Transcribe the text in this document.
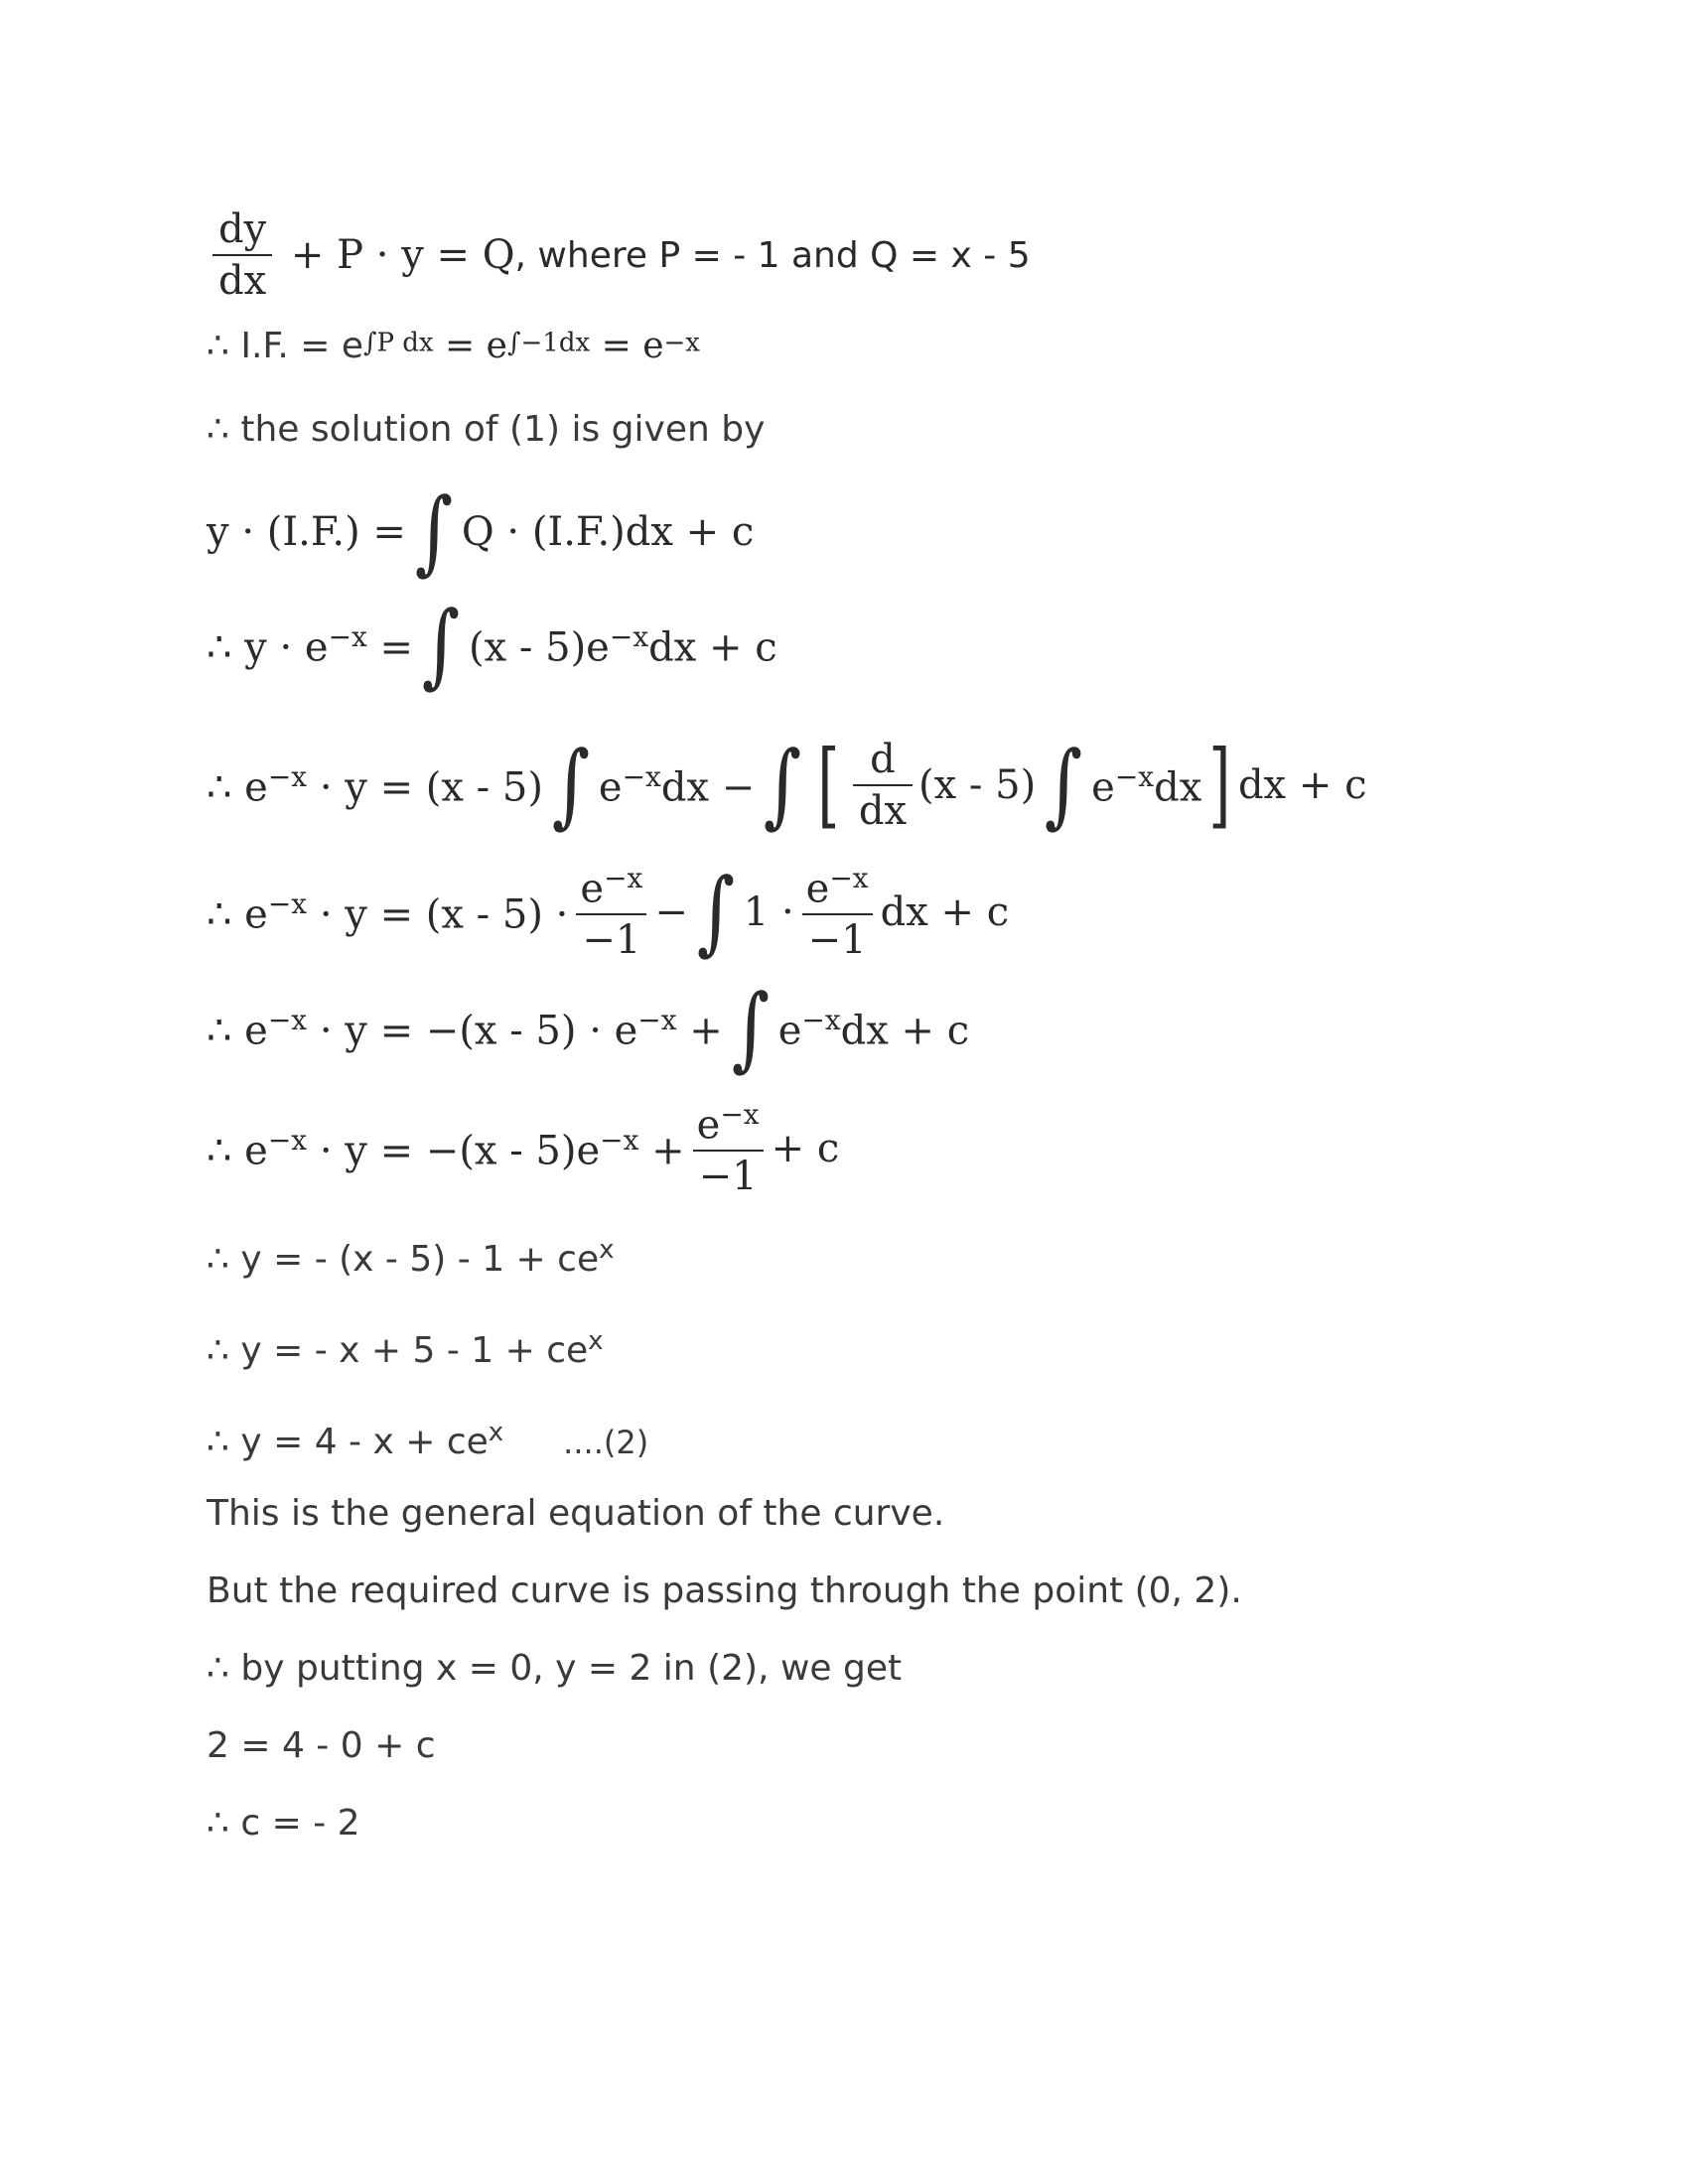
$\frac{dy}{dx} + P \cdot y = Q$, where P = - 1 and Q = x - 5
∴ I.F. = e∫P dx = e∫−1dx = e−x
∴ the solution of (1) is given by
y · (I.F.) =∫ Q · (I.F.)dx + c
∴ $y \cdot e^{-x}$ =∫ $(x - 5)e^{-x}dx + c$
∴ $e^{-x} \cdot y = (x - 5)\int$ $e^{-x}dx$ −∫ [ $\frac{d}{dx} (x - 5)\int$ $e^{-x}dx]dx + c$
∴ $e^{-x} \cdot y = (x - 5) \cdot \frac{e^{-x}}{-1}$ −∫ $1 \cdot \frac{e^{-x}}{-1}$ dx + c
∴ $e^{-x} \cdot y = -(x - 5) \cdot e^{-x}$ +∫ $e^{-x}dx + c$
∴ $e^{-x} \cdot y = -(x - 5)e^{-x} + \frac{e^{-x}}{-1} + c$
∴ y = - $(x - 5) - 1 + ce^x$
∴ y = - $x + 5 - 1 + ce^x$
∴ $y = 4 - x + ce^x$ ....(2)
This is the general equation of the curve.
But the required curve is passing through the point (0, 2).
∴ by putting x = 0, y = 2 in (2), we get
2 = 4 - 0 + c
∴ c = - 2
